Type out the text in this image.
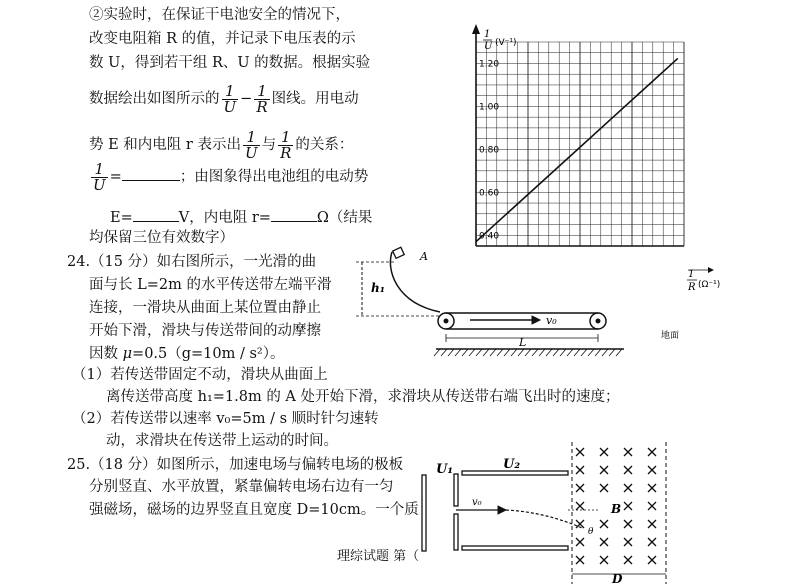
②实验时，在保证干电池安全的情况下，
改变电阻箱 R 的值，并记录下电压表的示
数 U，得到若干组 R、U 的数据。根据实验
数据绘出如图所示的 $\frac{1}{U} - \frac{1}{R}$ 图线。用电动
势 E 和内电阻 r 表示出 $\frac{1}{U}$ 与 $\frac{1}{R}$ 的关系：
$\frac{1}{U}$ =	；由图象得出电池组的电动势
E=	V，内电阻 r=	Ω（结果
均保留三位有效数字）
24.（15 分）如右图所示，一光滑的曲
面与长 L=2m 的水平传送带左端平滑
连接，一滑块从曲面上某位置由静止
开始下滑，滑块与传送带间的动摩擦
因数 μ=0.5（g=10m / s²）。
（1）若传送带固定不动，滑块从曲面上
离传送带高度 h₁=1.8m 的 A 处开始下滑，求滑块从传送带右端飞出时的速度；
（2）若传送带以速率 v₀=5m / s 顺时针匀速转
动，求滑块在传送带上运动的时间。
25.（18 分）如图所示，加速电场与偏转电场的极板
分别竖直、水平放置，紧靠偏转电场右边有一匀
强磁场，磁场的边界竖直且宽度 D=10cm。一个质
理综试题 第（
1.20
1.00
0.80
0.60
0.40
1
U (V⁻¹)
1
R (Ω⁻¹)
A
h₁
v₀
L	地面
U₁	U₂
v₀	B
θ
D
